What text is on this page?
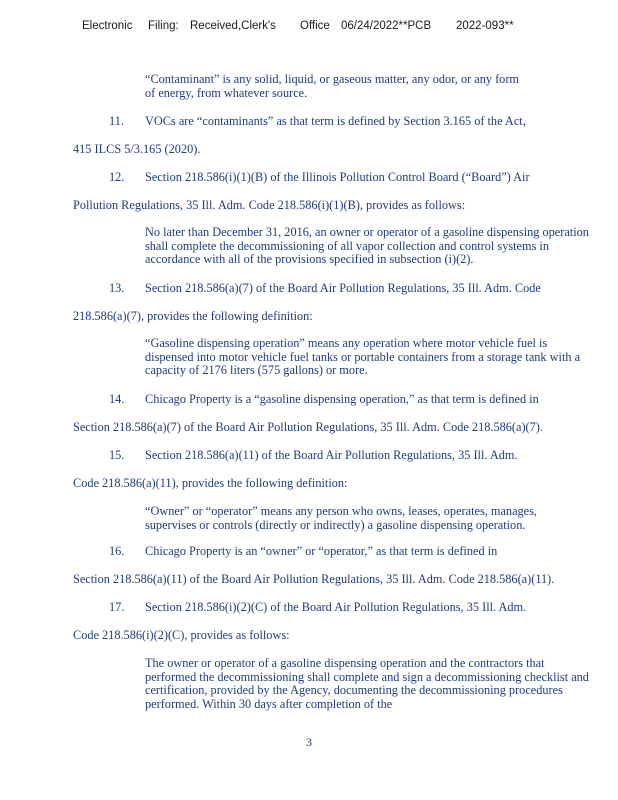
Electronic Filing: Received,Clerk's Office 06/24/2022**PCB 2022-093**
“Contaminant” is any solid, liquid, or gaseous matter, any odor, or any form
of energy, from whatever source.
11. VOCs are “contaminants” as that term is defined by Section 3.165 of the Act,
415 ILCS 5/3.165 (2020).
12. Section 218.586(i)(1)(B) of the Illinois Pollution Control Board (“Board”) Air
Pollution Regulations, 35 Ill. Adm. Code 218.586(i)(1)(B), provides as follows:
No later than December 31, 2016, an owner or operator of a gasoline dispensing operation shall complete the decommissioning of all vapor collection and control systems in accordance with all of the provisions specified in subsection (i)(2).
13. Section 218.586(a)(7) of the Board Air Pollution Regulations, 35 Ill. Adm. Code
218.586(a)(7), provides the following definition:
“Gasoline dispensing operation” means any operation where motor vehicle fuel is dispensed into motor vehicle fuel tanks or portable containers from a storage tank with a capacity of 2176 liters (575 gallons) or more.
14. Chicago Property is a “gasoline dispensing operation,” as that term is defined in
Section 218.586(a)(7) of the Board Air Pollution Regulations, 35 Ill. Adm. Code 218.586(a)(7).
15. Section 218.586(a)(11) of the Board Air Pollution Regulations, 35 Ill. Adm.
Code 218.586(a)(11), provides the following definition:
“Owner” or “operator” means any person who owns, leases, operates, manages, supervises or controls (directly or indirectly) a gasoline dispensing operation.
16. Chicago Property is an “owner” or “operator,” as that term is defined in
Section 218.586(a)(11) of the Board Air Pollution Regulations, 35 Ill. Adm. Code 218.586(a)(11).
17. Section 218.586(i)(2)(C) of the Board Air Pollution Regulations, 35 Ill. Adm.
Code 218.586(i)(2)(C), provides as follows:
The owner or operator of a gasoline dispensing operation and the contractors that performed the decommissioning shall complete and sign a decommissioning checklist and certification, provided by the Agency, documenting the decommissioning procedures performed. Within 30 days after completion of the
3
